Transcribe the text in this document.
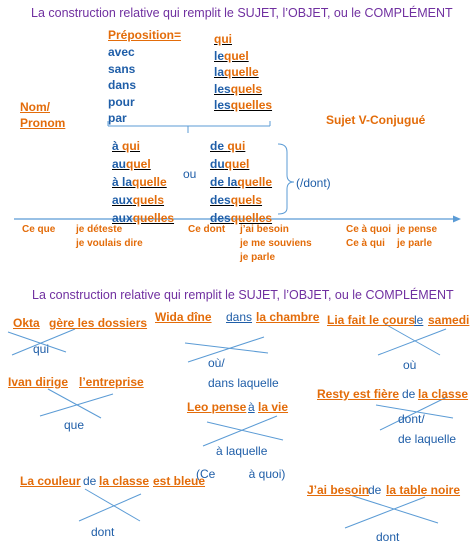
La construction relative qui remplit le SUJET, l’OBJET, ou le COMPLÉMENT
Préposition=
avec
sans
dans
pour
par
qui
lequel
laquelle
lesquels
lesquelles
Nom/
Pronom	Sujet V-Conjugué
à qui
auquel
à laquelle
auxquels
auxquelles
ou
de qui
duquel
de laquelle
desquels
desquelles
(/dont)
Ce que je déteste
je voulais dire
Ce dont j’ai besoin
je me souviens
je parle
Ce à quoi
Ce à qui
je pense
je parle
La construction relative qui remplit le SUJET, l’OBJET, ou le COMPLÉMENT
Okta gère les dossiers
qui
Wida dîne dans la chambre
où/
dans laquelle
Lia fait le cours
le samedi
où
Ivan dirige l’entreprise
que
Leo pense à la vie
à laquelle
(Ce          à quoi)
Resty est fière de la classe
dont/
de laquelle
La couleur de la classe est bleue
dont
J’ai besoin
de la table noire
dont
